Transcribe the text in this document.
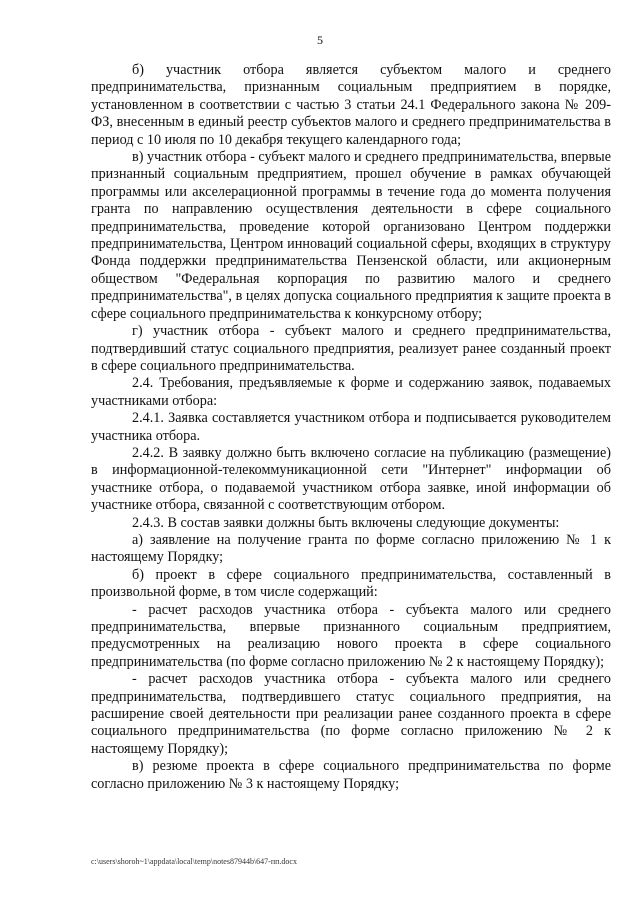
5

б) участник отбора является субъектом малого и среднего предпринимательства, признанным социальным предприятием в порядке, установленном в соответствии с частью 3 статьи 24.1 Федерального закона № 209-ФЗ, внесенным в единый реестр субъектов малого и среднего предпринимательства в период с 10 июля по 10 декабря текущего календарного года;

в) участник отбора - субъект малого и среднего предпринимательства, впервые признанный социальным предприятием, прошел обучение в рамках обучающей программы или акселерационной программы в течение года до момента получения гранта по направлению осуществления деятельности в сфере социального предпринимательства, проведение которой организовано Центром поддержки предпринимательства, Центром инноваций социальной сферы, входящих в структуру Фонда поддержки предпринимательства Пензенской области, или акционерным обществом "Федеральная корпорация по развитию малого и среднего предпринимательства", в целях допуска социального предприятия к защите проекта в сфере социального предпринимательства к конкурсному отбору;

г) участник отбора - субъект малого и среднего предпринимательства, подтвердивший статус социального предприятия, реализует ранее созданный проект в сфере социального предпринимательства.

2.4. Требования, предъявляемые к форме и содержанию заявок, подаваемых участниками отбора:

2.4.1. Заявка составляется участником отбора и подписывается руководителем участника отбора.

2.4.2. В заявку должно быть включено согласие на публикацию (размещение) в информационной-телекоммуникационной сети "Интернет" информации об участнике отбора, о подаваемой участником отбора заявке, иной информации об участнике отбора, связанной с соответствующим отбором.

2.4.3. В состав заявки должны быть включены следующие документы:

а) заявление на получение гранта по форме согласно приложению № 1 к настоящему Порядку;

б) проект в сфере социального предпринимательства, составленный в произвольной форме, в том числе содержащий:

- расчет расходов участника отбора - субъекта малого или среднего предпринимательства, впервые признанного социальным предприятием, предусмотренных на реализацию нового проекта в сфере социального предпринимательства (по форме согласно приложению № 2 к настоящему Порядку);

- расчет расходов участника отбора - субъекта малого или среднего предпринимательства, подтвердившего статус социального предприятия, на расширение своей деятельности при реализации ранее созданного проекта в сфере социального предпринимательства (по форме согласно приложению № 2 к настоящему Порядку);

в) резюме проекта в сфере социального предпринимательства по форме согласно приложению № 3 к настоящему Порядку;

c:\users\shoroh~1\appdata\local\temp\notes87944b\647-пп.docx
